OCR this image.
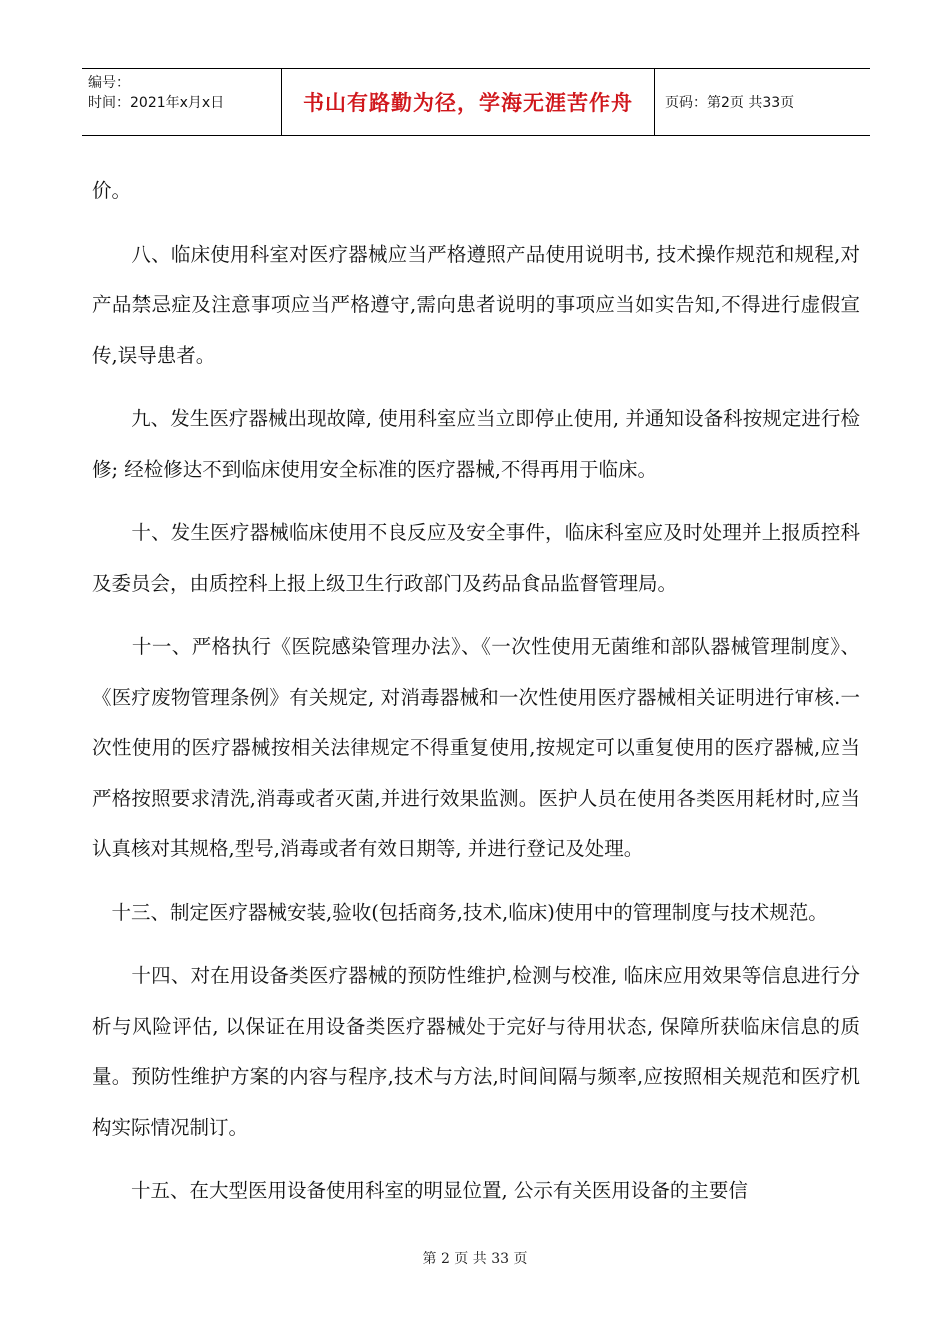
编号：
时间：2021年x月x日	书山有路勤为径，学海无涯苦作舟	页码：第2页 共33页

价。

　　八、临床使用科室对医疗器械应当严格遵照产品使用说明书, 技术操作规范和规程,对产品禁忌症及注意事项应当严格遵守,需向患者说明的事项应当如实告知,不得进行虚假宣传,误导患者。

　　九、发生医疗器械出现故障, 使用科室应当立即停止使用, 并通知设备科按规定进行检修; 经检修达不到临床使用安全标准的医疗器械,不得再用于临床。

　　十、发生医疗器械临床使用不良反应及安全事件，临床科室应及时处理并上报质控科及委员会，由质控科上报上级卫生行政部门及药品食品监督管理局。

　　十一、严格执行《医院感染管理办法》、《一次性使用无菌维和部队器械管理制度》、《医疗废物管理条例》有关规定, 对消毒器械和一次性使用医疗器械相关证明进行审核.一次性使用的医疗器械按相关法律规定不得重复使用,按规定可以重复使用的医疗器械,应当严格按照要求清洗,消毒或者灭菌,并进行效果监测。医护人员在使用各类医用耗材时,应当认真核对其规格,型号,消毒或者有效日期等, 并进行登记及处理。

　十三、制定医疗器械安装,验收(包括商务,技术,临床)使用中的管理制度与技术规范。

　　十四、对在用设备类医疗器械的预防性维护,检测与校准, 临床应用效果等信息进行分析与风险评估, 以保证在用设备类医疗器械处于完好与待用状态, 保障所获临床信息的质量。预防性维护方案的内容与程序,技术与方法,时间间隔与频率,应按照相关规范和医疗机构实际情况制订。

　　十五、在大型医用设备使用科室的明显位置, 公示有关医用设备的主要信

第 2 页 共 33 页
